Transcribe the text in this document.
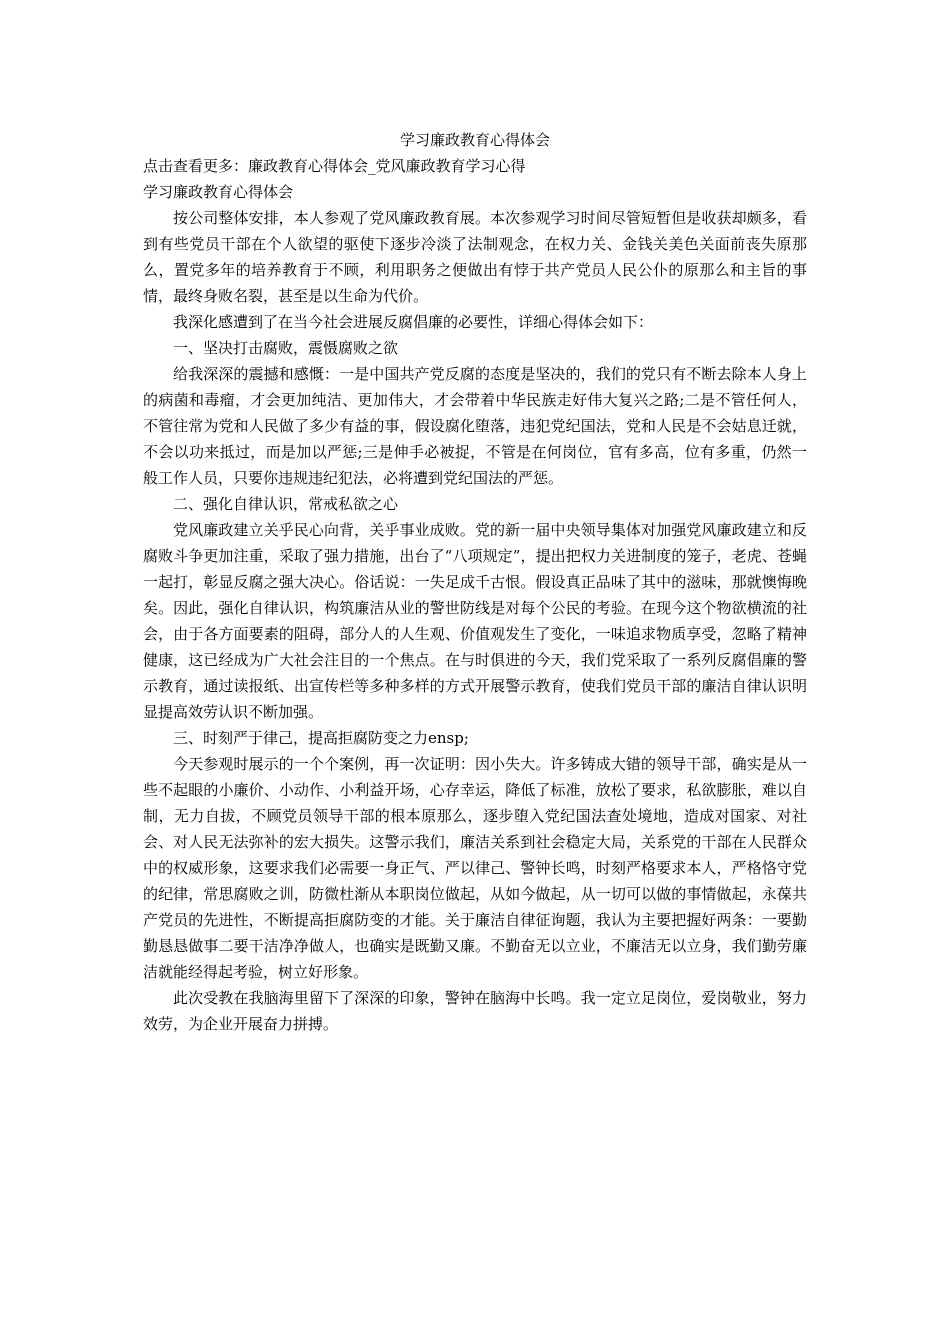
学习廉政教育心得体会

点击查看更多：廉政教育心得体会_党风廉政教育学习心得

学习廉政教育心得体会

按公司整体安排，本人参观了党风廉政教育展。本次参观学习时间尽管短暂但是收获却颇多，看到有些党员干部在个人欲望的驱使下逐步冷淡了法制观念，在权力关、金钱关美色关面前丧失原那么，置党多年的培养教育于不顾，利用职务之便做出有悖于共产党员人民公仆的原那么和主旨的事情，最终身败名裂，甚至是以生命为代价。

我深化感遭到了在当今社会进展反腐倡廉的必要性，详细心得体会如下：

一、坚决打击腐败，震慑腐败之欲

给我深深的震撼和感慨：一是中国共产党反腐的态度是坚决的，我们的党只有不断去除本人身上的病菌和毒瘤，才会更加纯洁、更加伟大，才会带着中华民族走好伟大复兴之路;二是不管任何人，不管往常为党和人民做了多少有益的事，假设腐化堕落，违犯党纪国法，党和人民是不会姑息迁就，不会以功来抵过，而是加以严惩;三是伸手必被捉，不管是在何岗位，官有多高，位有多重，仍然一般工作人员，只要你违规违纪犯法，必将遭到党纪国法的严惩。

二、强化自律认识，常戒私欲之心

党风廉政建立关乎民心向背，关乎事业成败。党的新一届中央领导集体对加强党风廉政建立和反腐败斗争更加注重，采取了强力措施，出台了“八项规定”，提出把权力关进制度的笼子，老虎、苍蝇一起打，彰显反腐之强大决心。俗话说：一失足成千古恨。假设真正品味了其中的滋味，那就懊悔晚矣。因此，强化自律认识，构筑廉洁从业的警世防线是对每个公民的考验。在现今这个物欲横流的社会，由于各方面要素的阻碍，部分人的人生观、价值观发生了变化，一味追求物质享受，忽略了精神健康，这已经成为广大社会注目的一个焦点。在与时俱进的今天，我们党采取了一系列反腐倡廉的警示教育，通过读报纸、出宣传栏等多种多样的方式开展警示教育，使我们党员干部的廉洁自律认识明显提高效劳认识不断加强。

三、时刻严于律己，提高拒腐防变之力ensp;

今天参观时展示的一个个案例，再一次证明：因小失大。许多铸成大错的领导干部，确实是从一些不起眼的小廉价、小动作、小利益开场，心存幸运，降低了标准，放松了要求，私欲膨胀，难以自制，无力自拔，不顾党员领导干部的根本原那么，逐步堕入党纪国法查处境地，造成对国家、对社会、对人民无法弥补的宏大损失。这警示我们，廉洁关系到社会稳定大局，关系党的干部在人民群众中的权威形象，这要求我们必需要一身正气、严以律己、警钟长鸣，时刻严格要求本人，严格恪守党的纪律，常思腐败之训，防微杜渐从本职岗位做起，从如今做起，从一切可以做的事情做起，永葆共产党员的先进性，不断提高拒腐防变的才能。关于廉洁自律征询题，我认为主要把握好两条：一要勤勤恳恳做事二要干洁净净做人，也确实是既勤又廉。不勤奋无以立业，不廉洁无以立身，我们勤劳廉洁就能经得起考验，树立好形象。

此次受教在我脑海里留下了深深的印象，警钟在脑海中长鸣。我一定立足岗位，爱岗敬业，努力效劳，为企业开展奋力拼搏。
